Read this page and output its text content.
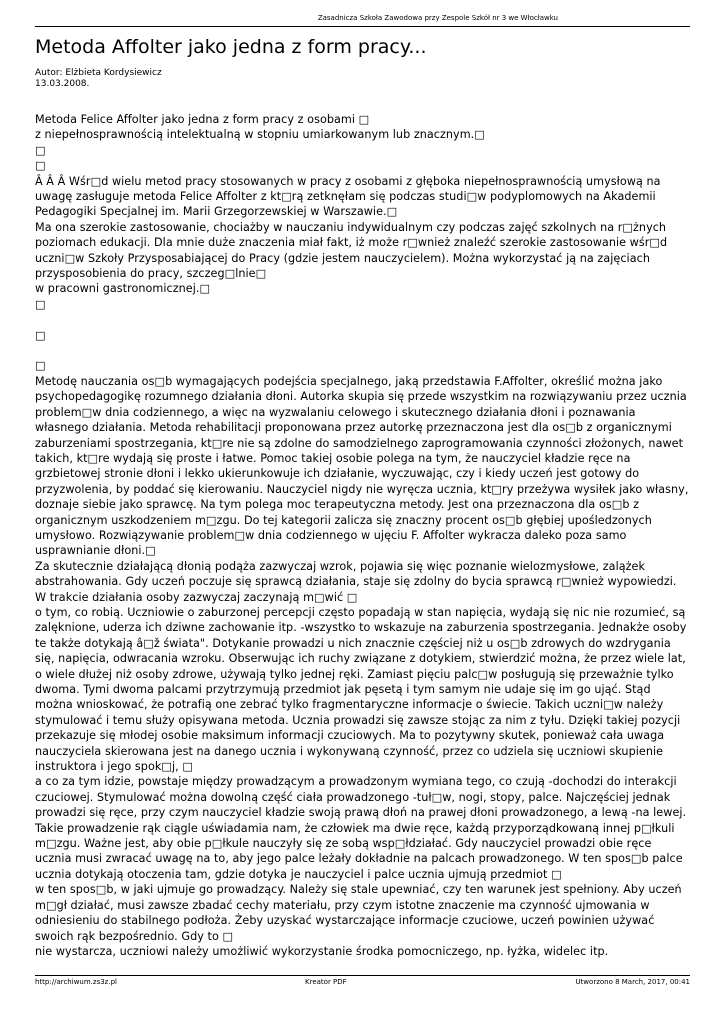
Zasadnicza Szkoła Zawodowa przy Zespole Szkół nr 3 we Włocławku
Metoda Affolter jako jedna z form pracy...
Autor: Elżbieta Kordysiewicz
13.03.2008.

Metoda Felice Affolter jako jedna z form pracy z osobami □

z niepełnosprawnością intelektualną w stopniu umiarkowanym lub znacznym.□

□

□

Â Â Â Wśr□d wielu metod pracy stosowanych w pracy z osobami z głęboka niepełnosprawnością umysłową na uwagę zasługuje metoda Felice Affolter z kt□rą zetknęłam się podczas studi□w podyplomowych na Akademii Pedagogiki Specjalnej im. Marii Grzegorzewskiej w Warszawie.□

Ma ona szerokie zastosowanie, chociażby w nauczaniu indywidualnym czy podczas zajęć szkolnych na r□żnych poziomach edukacji. Dla mnie duże znaczenia miał fakt, iż może r□wnież znaleźć szerokie zastosowanie wśr□d uczni□w Szkoły Przysposabiającej do Pracy (gdzie jestem nauczycielem). Można wykorzystać ją na zajęciach przysposobienia do pracy, szczeg□lnie□

w pracowni gastronomicznej.□

□

□

□

Metodę nauczania os□b wymagających podejścia specjalnego, jaką przedstawia F.Affolter, określić można jako psychopedagogikę rozumnego działania dłoni. Autorka skupia się przede wszystkim na rozwiązywaniu przez ucznia problem□w dnia codziennego, a więc na wyzwalaniu celowego i skutecznego działania dłoni i poznawania własnego działania. Metoda rehabilitacji proponowana przez autorkę przeznaczona jest dla os□b z organicznymi zaburzeniami spostrzegania, kt□re nie są zdolne do samodzielnego zaprogramowania czynności złożonych, nawet takich, kt□re wydają się proste i łatwe. Pomoc takiej osobie polega na tym, że nauczyciel kładzie ręce na grzbietowej stronie dłoni i lekko ukierunkowuje ich działanie, wyczuwając, czy i kiedy uczeń jest gotowy do przyzwolenia, by poddać się kierowaniu. Nauczyciel nigdy nie wyręcza ucznia, kt□ry przeżywa wysiłek jako własny, doznaje siebie jako sprawcę. Na tym polega moc terapeutyczna metody. Jest ona przeznaczona dla os□b z organicznym uszkodzeniem m□zgu. Do tej kategorii zalicza się znaczny procent os□b głębiej upośledzonych umysłowo. Rozwiązywanie problem□w dnia codziennego w ujęciu F. Affolter wykracza daleko poza samo usprawnianie dłoni.□

Za skutecznie działającą dłonią podąża zazwyczaj wzrok, pojawia się więc poznanie wielozmysłowe, zalążek abstrahowania. Gdy uczeń poczuje się sprawcą działania, staje się zdolny do bycia sprawcą r□wnież wypowiedzi. W trakcie działania osoby zazwyczaj zaczynają m□wić □

o tym, co robią. Uczniowie o zaburzonej percepcji często popadają w stan napięcia, wydają się nic nie rozumieć, są zalęknione, uderza ich dziwne zachowanie itp. -wszystko to wskazuje na zaburzenia spostrzegania. Jednakże osoby te także dotykają â□ž świata". Dotykanie prowadzi u nich znacznie częściej niż u os□b zdrowych do wzdrygania się, napięcia, odwracania wzroku. Obserwując ich ruchy związane z dotykiem, stwierdzić można, że przez wiele lat, o wiele dłużej niż osoby zdrowe, używają tylko jednej ręki. Zamiast pięciu palc□w posługują się przeważnie tylko dwoma. Tymi dwoma palcami przytrzymują przedmiot jak pęsetą i tym samym nie udaje się im go ująć. Stąd można wnioskować, że potrafią one zebrać tylko fragmentaryczne informacje o świecie. Takich uczni□w należy stymulować i temu służy opisywana metoda. Ucznia prowadzi się zawsze stojąc za nim z tyłu. Dzięki takiej pozycji przekazuje się młodej osobie maksimum informacji czuciowych. Ma to pozytywny skutek, ponieważ cała uwaga nauczyciela skierowana jest na danego ucznia i wykonywaną czynność, przez co udziela się uczniowi skupienie instruktora i jego spok□j, □

a co za tym idzie, powstaje między prowadzącym a prowadzonym wymiana tego, co czują -dochodzi do interakcji czuciowej. Stymulować można dowolną część ciała prowadzonego -tuł□w, nogi, stopy, palce. Najczęściej jednak prowadzi się ręce, przy czym nauczyciel kładzie swoją prawą dłoń na prawej dłoni prowadzonego, a lewą -na lewej. Takie prowadzenie rąk ciągle uświadamia nam, że człowiek ma dwie ręce, każdą przyporządkowaną innej p□łkuli m□zgu. Ważne jest, aby obie p□łkule nauczyły się ze sobą wsp□łdziałać. Gdy nauczyciel prowadzi obie ręce ucznia musi zwracać uwagę na to, aby jego palce leżały dokładnie na palcach prowadzonego. W ten spos□b palce ucznia dotykają otoczenia tam, gdzie dotyka je nauczyciel i palce ucznia ujmują przedmiot □

w ten spos□b, w jaki ujmuje go prowadzący. Należy się stale upewniać, czy ten warunek jest spełniony. Aby uczeń m□gł działać, musi zawsze zbadać cechy materiału, przy czym istotne znaczenie ma czynność ujmowania w odniesieniu do stabilnego podłoża. Żeby uzyskać wystarczające informacje czuciowe, uczeń powinien używać swoich rąk bezpośrednio. Gdy to □

nie wystarcza, uczniowi należy umożliwić wykorzystanie środka pomocniczego, np. łyżka, widelec itp.

http://archiwum.zs3z.pl	Kreator PDF	Utworzono 8 March, 2017, 00:41
